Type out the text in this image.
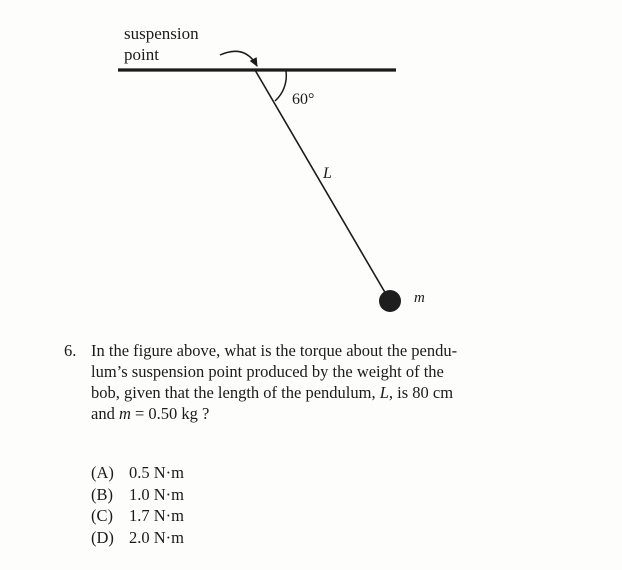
suspension
point
60°
L
m
6. In the figure above, what is the torque about the pendu-
lum’s suspension point produced by the weight of the
bob, given that the length of the pendulum, L, is 80 cm
and m = 0.50 kg ?
(A) 0.5 N·m
(B) 1.0 N·m
(C) 1.7 N·m
(D) 2.0 N·m
